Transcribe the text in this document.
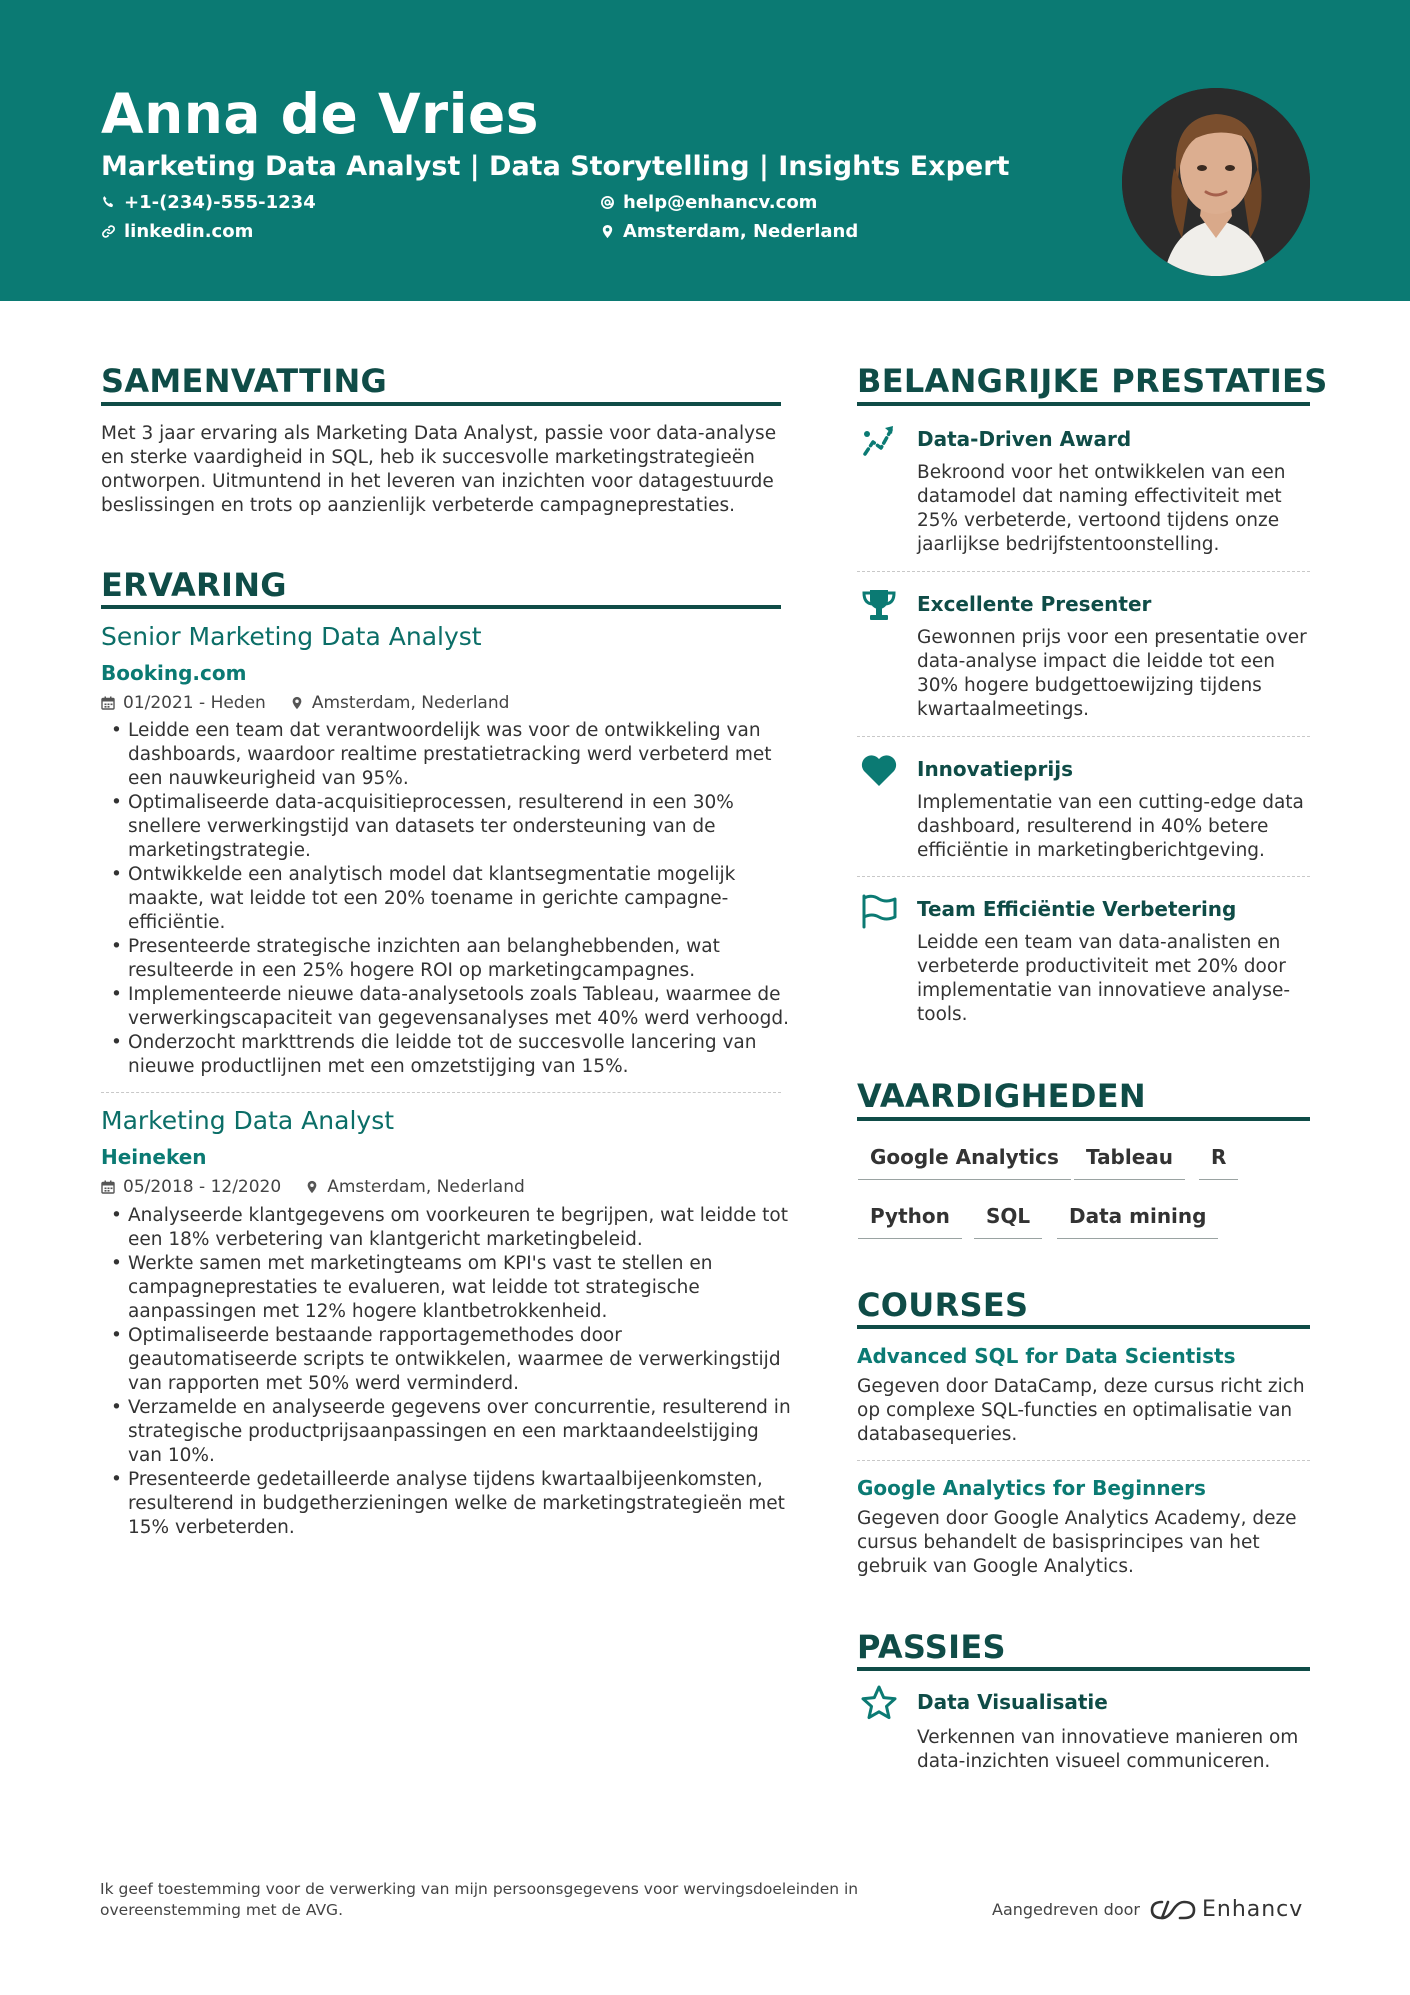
Anna de Vries
Marketing Data Analyst | Data Storytelling | Insights Expert
+1-(234)-555-1234	help@enhancv.com
linkedin.com	Amsterdam, Nederland
SAMENVATTING
Met 3 jaar ervaring als Marketing Data Analyst, passie voor data-analyse en sterke vaardigheid in SQL, heb ik succesvolle marketingstrategieën ontworpen. Uitmuntend in het leveren van inzichten voor datagestuurde beslissingen en trots op aanzienlijk verbeterde campagneprestaties.
ERVARING
Senior Marketing Data Analyst
Booking.com
01/2021 - Heden	Amsterdam, Nederland
• Leidde een team dat verantwoordelijk was voor de ontwikkeling van dashboards, waardoor realtime prestatietracking werd verbeterd met een nauwkeurigheid van 95%.
• Optimaliseerde data-acquisitieprocessen, resulterend in een 30% snellere verwerkingstijd van datasets ter ondersteuning van de marketingstrategie.
• Ontwikkelde een analytisch model dat klantsegmentatie mogelijk maakte, wat leidde tot een 20% toename in gerichte campagne-efficiëntie.
• Presenteerde strategische inzichten aan belanghebbenden, wat resulteerde in een 25% hogere ROI op marketingcampagnes.
• Implementeerde nieuwe data-analysetools zoals Tableau, waarmee de verwerkingscapaciteit van gegevensanalyses met 40% werd verhoogd.
• Onderzocht markttrends die leidde tot de succesvolle lancering van nieuwe productlijnen met een omzetstijging van 15%.
Marketing Data Analyst
Heineken
05/2018 - 12/2020	Amsterdam, Nederland
• Analyseerde klantgegevens om voorkeuren te begrijpen, wat leidde tot een 18% verbetering van klantgericht marketingbeleid.
• Werkte samen met marketingteams om KPI's vast te stellen en campagneprestaties te evalueren, wat leidde tot strategische aanpassingen met 12% hogere klantbetrokkenheid.
• Optimaliseerde bestaande rapportagemethodes door geautomatiseerde scripts te ontwikkelen, waarmee de verwerkingstijd van rapporten met 50% werd verminderd.
• Verzamelde en analyseerde gegevens over concurrentie, resulterend in strategische productprijsaanpassingen en een marktaandeelstijging van 10%.
• Presenteerde gedetailleerde analyse tijdens kwartaalbijeenkomsten, resulterend in budgetherzieningen welke de marketingstrategieën met 15% verbeterden.
BELANGRIJKE PRESTATIES
Data-Driven Award
Bekroond voor het ontwikkelen van een datamodel dat naming effectiviteit met 25% verbeterde, vertoond tijdens onze jaarlijkse bedrijfstentoonstelling.
Excellente Presenter
Gewonnen prijs voor een presentatie over data-analyse impact die leidde tot een 30% hogere budgettoewijzing tijdens kwartaalmeetings.
Innovatieprijs
Implementatie van een cutting-edge data dashboard, resulterend in 40% betere efficiëntie in marketingberichtgeving.
Team Efficiëntie Verbetering
Leidde een team van data-analisten en verbeterde productiviteit met 20% door implementatie van innovatieve analyse-tools.
VAARDIGHEDEN
Google Analytics	Tableau	R
Python	SQL	Data mining
COURSES
Advanced SQL for Data Scientists
Gegeven door DataCamp, deze cursus richt zich op complexe SQL-functies en optimalisatie van databasequeries.
Google Analytics for Beginners
Gegeven door Google Analytics Academy, deze cursus behandelt de basisprincipes van het gebruik van Google Analytics.
PASSIES
Data Visualisatie
Verkennen van innovatieve manieren om data-inzichten visueel communiceren.
Ik geef toestemming voor de verwerking van mijn persoonsgegevens voor wervingsdoeleinden in overeenstemming met de AVG.	Aangedreven door	Enhancv
